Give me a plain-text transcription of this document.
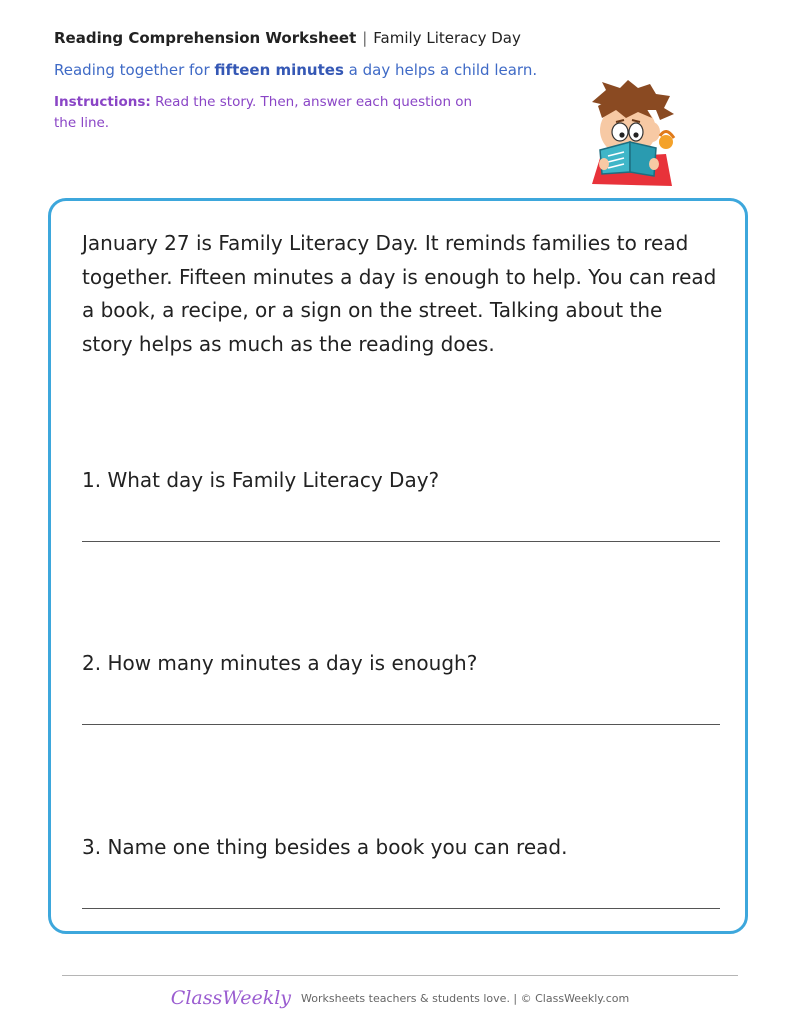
Reading Comprehension Worksheet | Family Literacy Day
Reading together for fifteen minutes a day helps a child learn.
Instructions: Read the story. Then, answer each question on the line.
January 27 is Family Literacy Day. It reminds families to read together. Fifteen minutes a day is enough to help. You can read a book, a recipe, or a sign on the street. Talking about the story helps as much as the reading does.
1. What day is Family Literacy Day?
2. How many minutes a day is enough?
3. Name one thing besides a book you can read.
ClassWeekly Worksheets teachers & students love. | © ClassWeekly.com
